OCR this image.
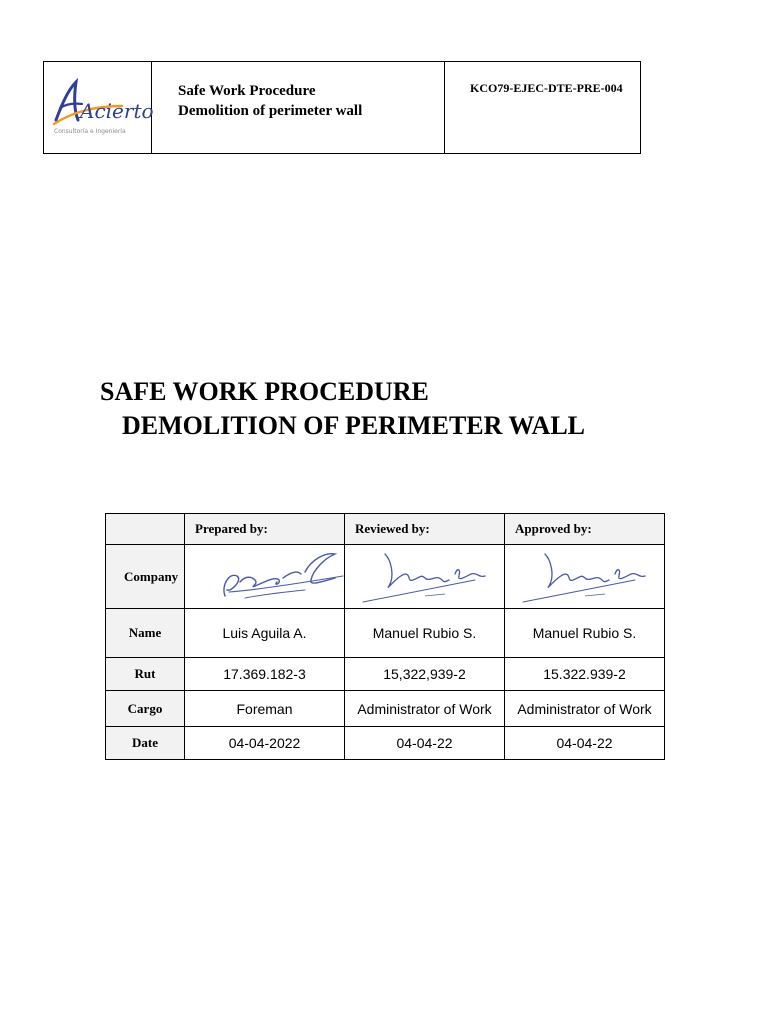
Acierto
Consultoría e Ingeniería
Safe Work Procedure
Demolition of perimeter wall
KCO79-EJEC-DTE-PRE-004
SAFE WORK PROCEDURE
DEMOLITION OF PERIMETER WALL
	Prepared by:	Reviewed by:	Approved by:
Company	

Name	Luis Aguila A.	Manuel Rubio S.	Manuel Rubio S.
Rut	17.369.182-3	15,322,939-2	15.322.939-2
Cargo	Foreman	Administrator of Work	Administrator of Work
Date	04-04-2022	04-04-22	04-04-22
